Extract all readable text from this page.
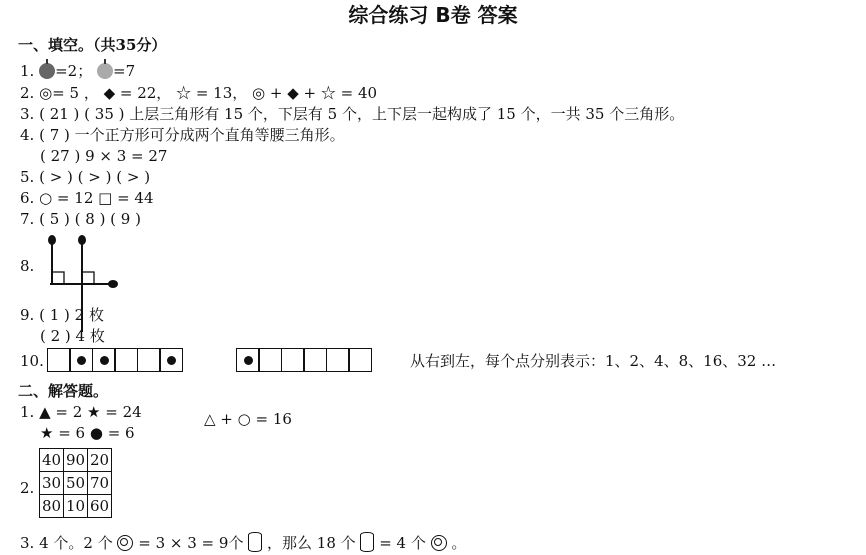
综合练习 B卷 答案
一、填空。（共35分）
1. =2； =7
2. ◎= 5 ， ◆ = 22， ☆ = 13， ◎ + ◆ + ☆ = 40
3. ( 21 ) ( 35 ) 上层三角形有 15 个，下层有 5 个，上下层一起构成了 15 个，一共 35 个三角形。
4. ( 7 ) 一个正方形可分成两个直角等腰三角形。
( 27 ) 9 × 3 = 27
5. ( > ) ( > ) ( > )
6. ○ = 12 □ = 44
7. ( 5 ) ( 8 ) ( 9 )
8.
9. ( 1 ) 2 枚
( 2 ) 4 枚
10.	从右到左，每个点分别表示：1、2、4、8、16、32 …
二、解答题。
1. ▲ = 2 ★ = 24
★ = 6 ● = 6
△ + ○ = 16
2.
40	90	20
30	50	70
80	10	60
3. 4 个。2 个 = 3 × 3 = 9个 ，那么 18 个 = 4 个 。
